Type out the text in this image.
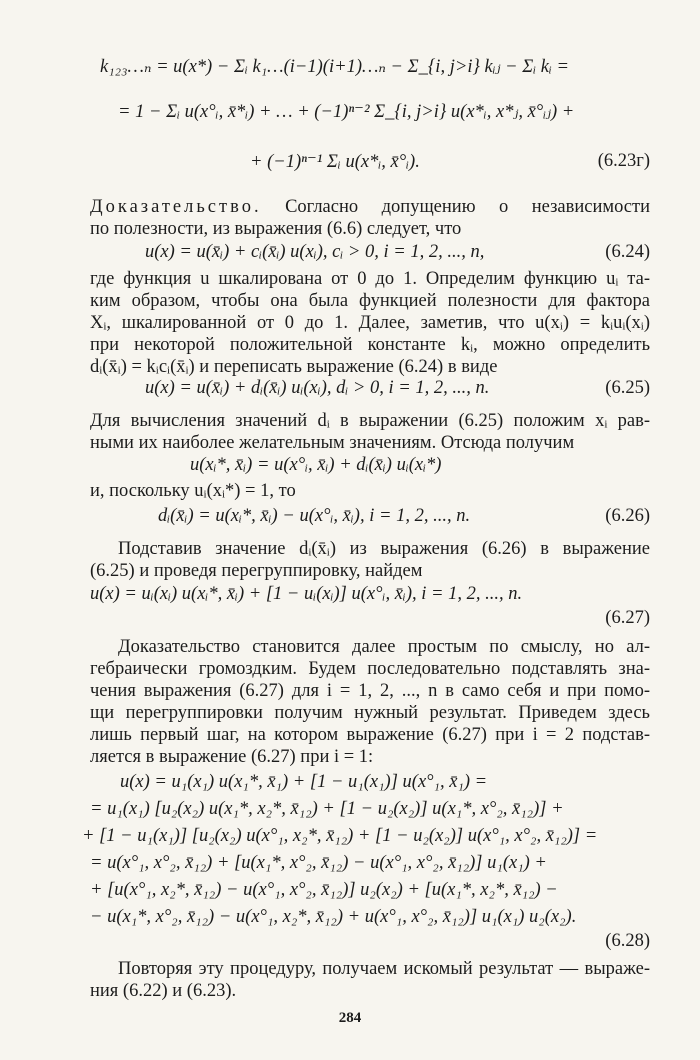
k₁₂₃…ₙ = u(x*) − Σᵢ k₁…(i−1)(i+1)…ₙ − Σ_{i, j>i} kᵢⱼ − Σᵢ kᵢ =
= 1 − Σᵢ u(x°ᵢ, x̄*ᵢ) + … + (−1)ⁿ⁻² Σ_{i, j>i} u(x*ᵢ, x*ⱼ, x̄°ᵢⱼ) +
+ (−1)ⁿ⁻¹ Σᵢ u(x*ᵢ, x̄°ᵢ).	(6.23г)
Доказательство. Согласно допущению о независимости
по полезности, из выражения (6.6) следует, что
u(x) = u(x̄ᵢ) + cᵢ(x̄ᵢ) u(xᵢ), cᵢ > 0, i = 1, 2, ..., n,	(6.24)
где функция u шкалирована от 0 до 1. Определим функцию uᵢ та-
ким образом, чтобы она была функцией полезности для фактора
Xᵢ, шкалированной от 0 до 1. Далее, заметив, что u(xᵢ) = kᵢuᵢ(xᵢ)
при некоторой положительной константе kᵢ, можно определить
dᵢ(x̄ᵢ) = kᵢcᵢ(x̄ᵢ) и переписать выражение (6.24) в виде
u(x) = u(x̄ᵢ) + dᵢ(x̄ᵢ) uᵢ(xᵢ), dᵢ > 0, i = 1, 2, ..., n.	(6.25)
Для вычисления значений dᵢ в выражении (6.25) положим xᵢ рав-
ными их наиболее желательным значениям. Отсюда получим
u(xᵢ*, x̄ᵢ) = u(x°ᵢ, x̄ᵢ) + dᵢ(x̄ᵢ) uᵢ(xᵢ*)
и, поскольку uᵢ(xᵢ*) = 1, то
dᵢ(x̄ᵢ) = u(xᵢ*, x̄ᵢ) − u(x°ᵢ, x̄ᵢ), i = 1, 2, ..., n.	(6.26)
Подставив значение dᵢ(x̄ᵢ) из выражения (6.26) в выражение
(6.25) и проведя перегруппировку, найдем
u(x) = uᵢ(xᵢ) u(xᵢ*, x̄ᵢ) + [1 − uᵢ(xᵢ)] u(x°ᵢ, x̄ᵢ), i = 1, 2, ..., n.
(6.27)
Доказательство становится далее простым по смыслу, но ал-
гебраически громоздким. Будем последовательно подставлять зна-
чения выражения (6.27) для i = 1, 2, ..., n в само себя и при помо-
щи перегруппировки получим нужный результат. Приведем здесь
лишь первый шаг, на котором выражение (6.27) при i = 2 подстав-
ляется в выражение (6.27) при i = 1:
u(x) = u₁(x₁) u(x₁*, x̄₁) + [1 − u₁(x₁)] u(x°₁, x̄₁) =
= u₁(x₁) [u₂(x₂) u(x₁*, x₂*, x̄₁₂) + [1 − u₂(x₂)] u(x₁*, x°₂, x̄₁₂)] +
+ [1 − u₁(x₁)] [u₂(x₂) u(x°₁, x₂*, x̄₁₂) + [1 − u₂(x₂)] u(x°₁, x°₂, x̄₁₂)] =
= u(x°₁, x°₂, x̄₁₂) + [u(x₁*, x°₂, x̄₁₂) − u(x°₁, x°₂, x̄₁₂)] u₁(x₁) +
+ [u(x°₁, x₂*, x̄₁₂) − u(x°₁, x°₂, x̄₁₂)] u₂(x₂) + [u(x₁*, x₂*, x̄₁₂) −
− u(x₁*, x°₂, x̄₁₂) − u(x°₁, x₂*, x̄₁₂) + u(x°₁, x°₂, x̄₁₂)] u₁(x₁) u₂(x₂).
(6.28)
Повторяя эту процедуру, получаем искомый результат — выраже-
ния (6.22) и (6.23).
284
